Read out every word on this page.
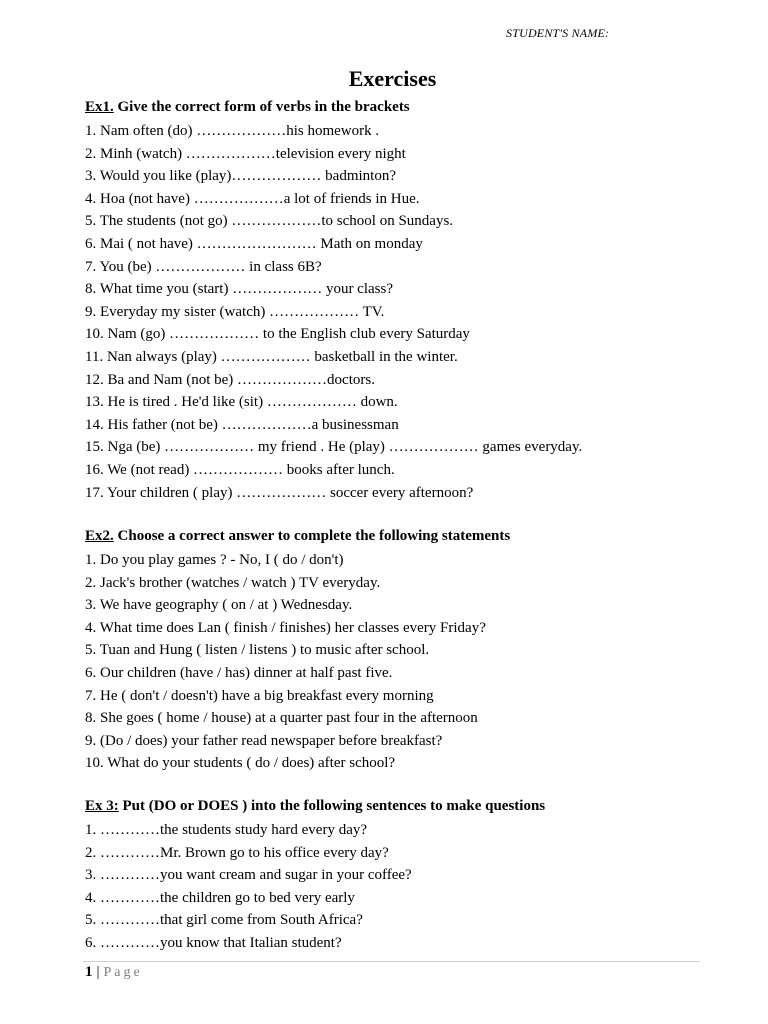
STUDENT'S NAME:
Exercises
Ex1. Give the correct form of verbs in the brackets
1. Nam often (do) ………………his homework .
2. Minh (watch) ………………television every night
3. Would you like (play)……………… badminton?
4. Hoa (not have) ………………a lot of friends in Hue.
5. The students (not go) ………………to school on Sundays.
6. Mai ( not have) …………………… Math on monday
7. You (be) ……………… in class 6B?
8. What time you (start) ……………… your class?
9. Everyday my sister (watch) ……………… TV.
10. Nam (go) ……………… to the English club every Saturday
11. Nan always (play) ……………… basketball in the winter.
12. Ba and Nam (not be) ………………doctors.
13. He is tired . He'd like (sit) ……………… down.
14. His father (not be) ………………a businessman
15. Nga (be) ……………… my friend . He (play) ……………… games everyday.
16. We (not read) ……………… books after lunch.
17. Your children ( play) ……………… soccer every afternoon?
Ex2. Choose a correct answer to complete the following statements
1. Do you play games ? - No, I ( do / don't)
2. Jack's brother (watches / watch ) TV everyday.
3. We have geography ( on / at ) Wednesday.
4. What time does Lan ( finish / finishes) her classes every Friday?
5. Tuan and Hung ( listen / listens ) to music after school.
6. Our children (have / has) dinner at half past five.
7. He ( don't / doesn't) have a big breakfast every morning
8. She goes ( home / house) at a quarter past four in the afternoon
9. (Do / does) your father read newspaper before breakfast?
10. What do your students ( do / does) after school?
Ex 3: Put (DO or DOES ) into the following sentences to make questions
1. …………the students study hard every day?
2. …………Mr. Brown go to his office every day?
3. …………you want cream and sugar in your coffee?
4. …………the children go to bed very early
5. …………that girl come from South Africa?
6. …………you know that Italian student?
1 | Page
